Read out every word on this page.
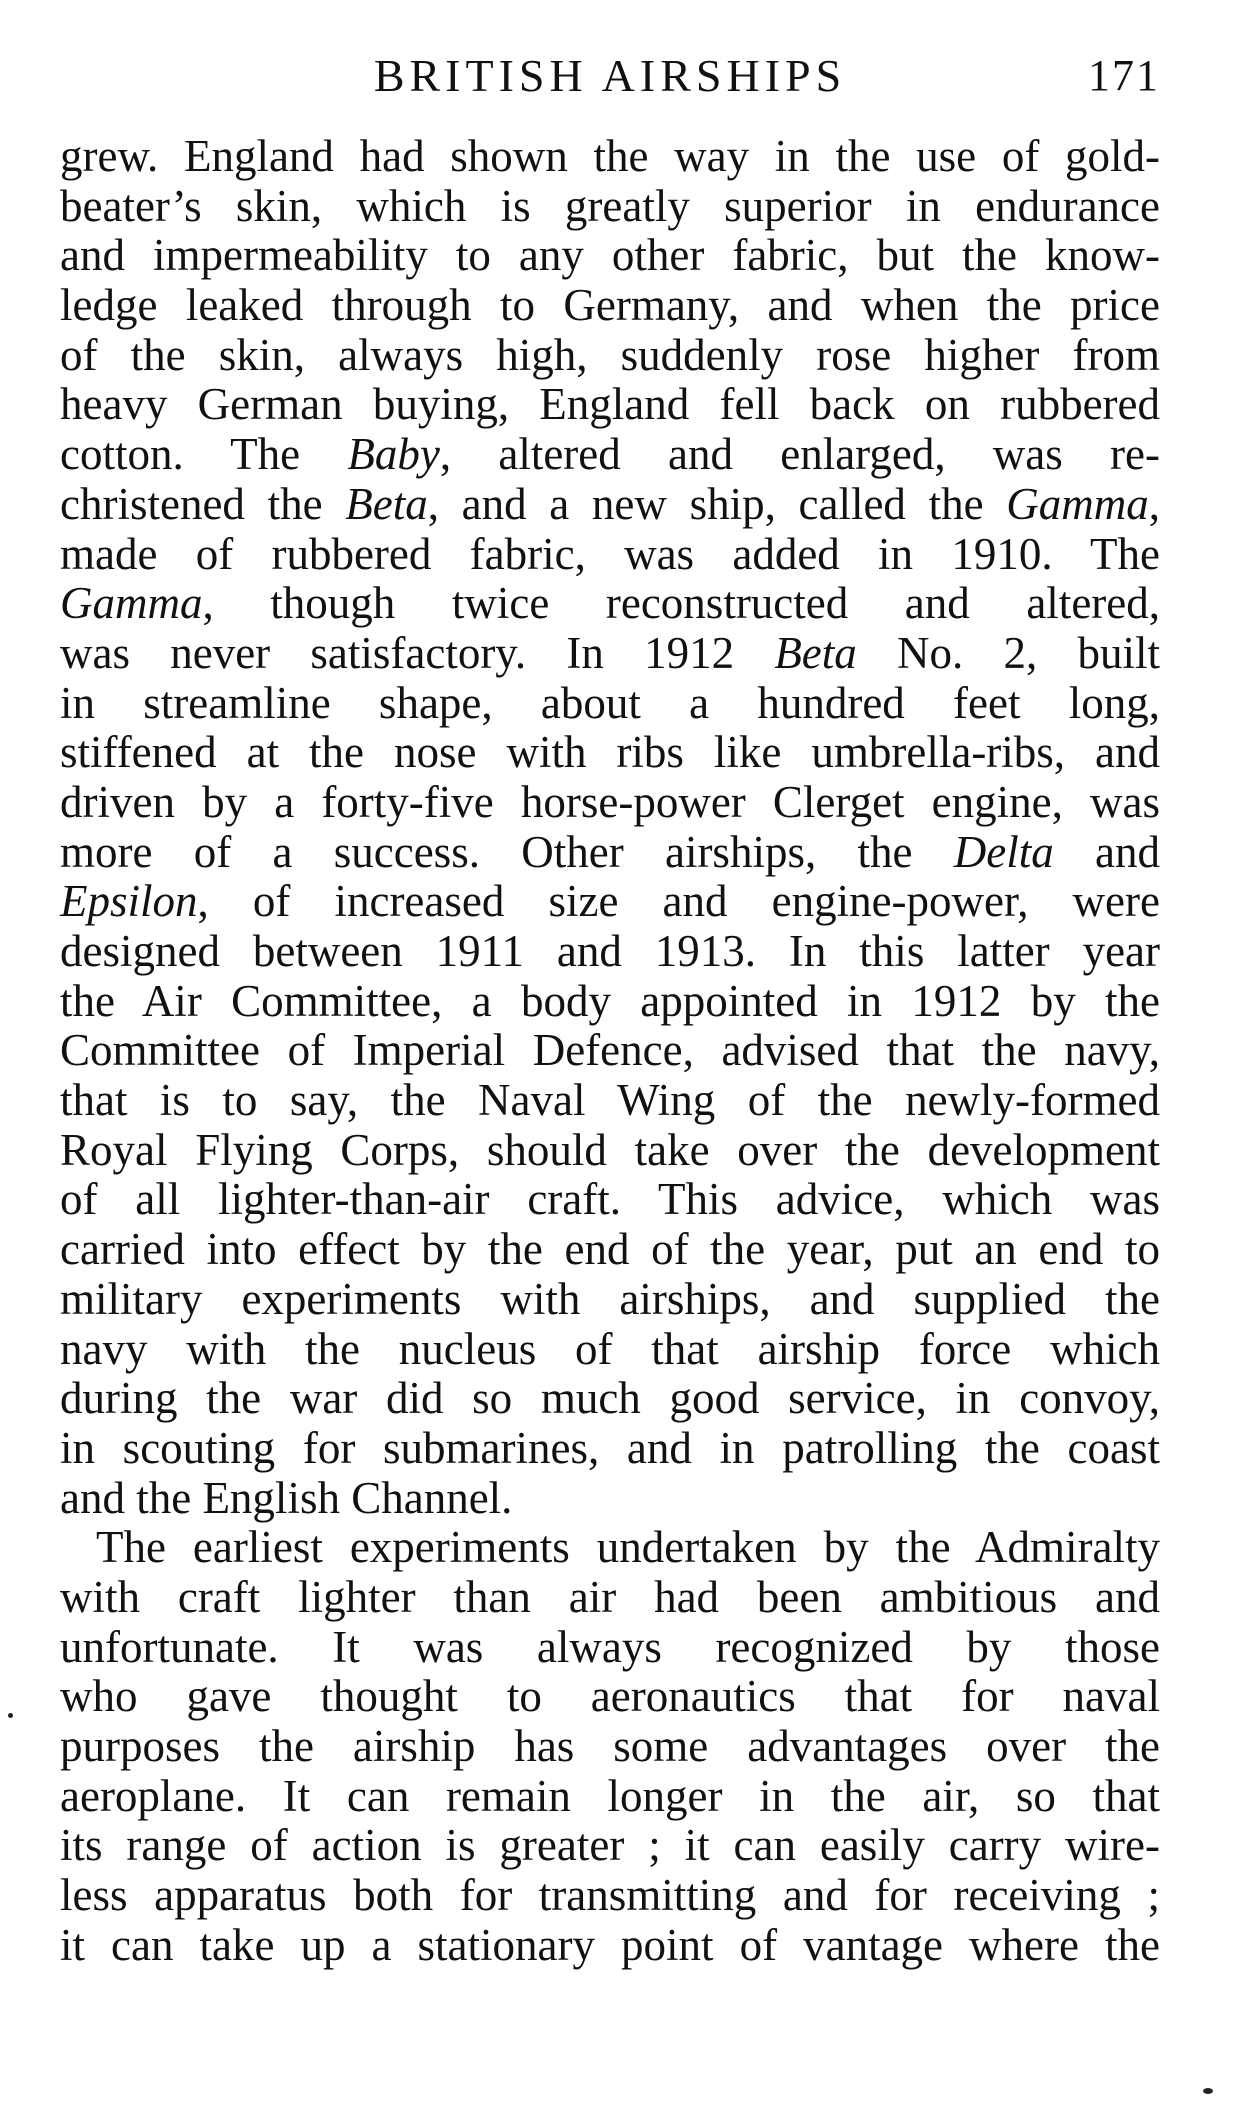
BRITISH AIRSHIPS	171
grew. England had shown the way in the use of gold-
beater’s skin, which is greatly superior in endurance
and impermeability to any other fabric, but the know-
ledge leaked through to Germany, and when the price
of the skin, always high, suddenly rose higher from
heavy German buying, England fell back on rubbered
cotton. The Baby, altered and enlarged, was re-
christened the Beta, and a new ship, called the Gamma,
made of rubbered fabric, was added in 1910. The
Gamma, though twice reconstructed and altered,
was never satisfactory. In 1912 Beta No. 2, built
in streamline shape, about a hundred feet long,
stiffened at the nose with ribs like umbrella-ribs, and
driven by a forty-five horse-power Clerget engine, was
more of a success. Other airships, the Delta and
Epsilon, of increased size and engine-power, were
designed between 1911 and 1913. In this latter year
the Air Committee, a body appointed in 1912 by the
Committee of Imperial Defence, advised that the navy,
that is to say, the Naval Wing of the newly-formed
Royal Flying Corps, should take over the development
of all lighter-than-air craft. This advice, which was
carried into effect by the end of the year, put an end to
military experiments with airships, and supplied the
navy with the nucleus of that airship force which
during the war did so much good service, in convoy,
in scouting for submarines, and in patrolling the coast
and the English Channel.
The earliest experiments undertaken by the Admiralty
with craft lighter than air had been ambitious and
unfortunate. It was always recognized by those
who gave thought to aeronautics that for naval
purposes the airship has some advantages over the
aeroplane. It can remain longer in the air, so that
its range of action is greater ; it can easily carry wire-
less apparatus both for transmitting and for receiving ;
it can take up a stationary point of vantage where the
